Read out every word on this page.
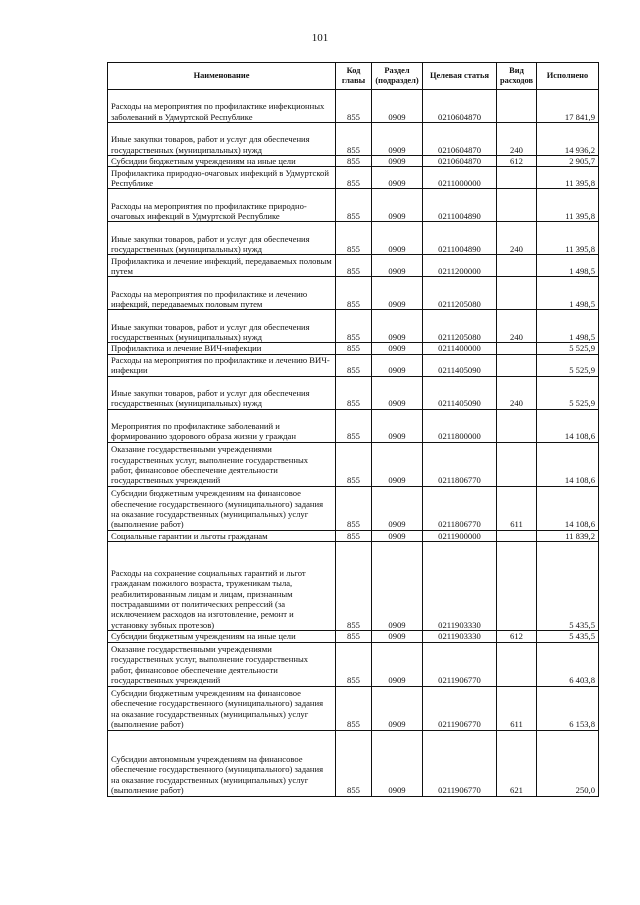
101
Наименование	Код главы	Раздел (подраздел)	Целевая статья	Вид расходов	Исполнено
Расходы на мероприятия по профилактике инфекционных заболеваний в Удмуртской Республике	855	0909	0210604870		17 841,9
Иные закупки товаров, работ и услуг для обеспечения государственных (муниципальных) нужд	855	0909	0210604870	240	14 936,2
Субсидии бюджетным учреждениям на иные цели	855	0909	0210604870	612	2 905,7
Профилактика природно-очаговых инфекций в Удмуртской Республике	855	0909	0211000000		11 395,8
Расходы на мероприятия по профилактике природно-очаговых инфекций в Удмуртской Республике	855	0909	0211004890		11 395,8
Иные закупки товаров, работ и услуг для обеспечения государственных (муниципальных) нужд	855	0909	0211004890	240	11 395,8
Профилактика и лечение инфекций, передаваемых половым путем	855	0909	0211200000		1 498,5
Расходы на мероприятия по профилактике и лечению инфекций, передаваемых половым путем	855	0909	0211205080		1 498,5
Иные закупки товаров, работ и услуг для обеспечения государственных (муниципальных) нужд	855	0909	0211205080	240	1 498,5
Профилактика и лечение ВИЧ-инфекции	855	0909	0211400000		5 525,9
Расходы на мероприятия по профилактике и лечению ВИЧ-инфекции	855	0909	0211405090		5 525,9
Иные закупки товаров, работ и услуг для обеспечения государственных (муниципальных) нужд	855	0909	0211405090	240	5 525,9
Мероприятия по профилактике заболеваний и формированию здорового образа жизни у граждан	855	0909	0211800000		14 108,6
Оказание государственными учреждениями государственных услуг, выполнение государственных работ, финансовое обеспечение деятельности государственных учреждений	855	0909	0211806770		14 108,6
Субсидии бюджетным учреждениям на финансовое обеспечение государственного (муниципального) задания на оказание государственных (муниципальных) услуг (выполнение работ)	855	0909	0211806770	611	14 108,6
Социальные гарантии и льготы гражданам	855	0909	0211900000		11 839,2
Расходы на сохранение социальных гарантий и льгот гражданам пожилого возраста, труженикам тыла, реабилитированным лицам и лицам, признанным пострадавшими от политических репрессий (за исключением расходов на изготовление, ремонт и установку зубных протезов)	855	0909	0211903330		5 435,5
Субсидии бюджетным учреждениям на иные цели	855	0909	0211903330	612	5 435,5
Оказание государственными учреждениями государственных услуг, выполнение государственных работ, финансовое обеспечение деятельности государственных учреждений	855	0909	0211906770		6 403,8
Субсидии бюджетным учреждениям на финансовое обеспечение государственного (муниципального) задания на оказание государственных (муниципальных) услуг (выполнение работ)	855	0909	0211906770	611	6 153,8
Субсидии автономным учреждениям на финансовое обеспечение государственного (муниципального) задания на оказание государственных (муниципальных) услуг (выполнение работ)	855	0909	0211906770	621	250,0
